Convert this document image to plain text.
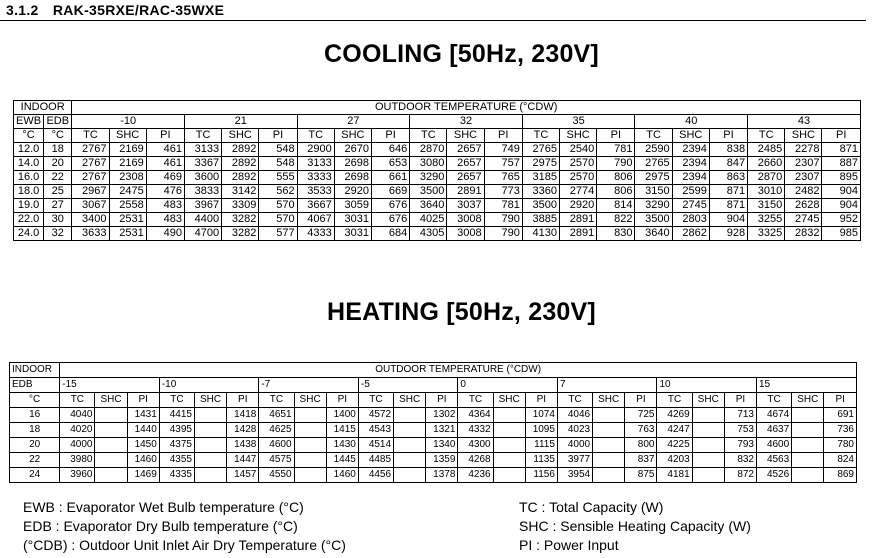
3.1.2 RAK-35RXE/RAC-35WXE
COOLING [50Hz, 230V]
INDOOR		OUTDOOR TEMPERATURE (°CDW)																				
EWB	EDB	-10			21			27			32			35			40			43		
°C	°C	TC	SHC	PI	TC	SHC	PI	TC	SHC	PI	TC	SHC	PI	TC	SHC	PI	TC	SHC	PI	TC	SHC	PI
12.0	18	2767	2169	461	3133	2892	548	2900	2670	646	2870	2657	749	2765	2540	781	2590	2394	838	2485	2278	871
14.0	20	2767	2169	461	3367	2892	548	3133	2698	653	3080	2657	757	2975	2570	790	2765	2394	847	2660	2307	887
16.0	22	2767	2308	469	3600	2892	555	3333	2698	661	3290	2657	765	3185	2570	806	2975	2394	863	2870	2307	895
18.0	25	2967	2475	476	3833	3142	562	3533	2920	669	3500	2891	773	3360	2774	806	3150	2599	871	3010	2482	904
19.0	27	3067	2558	483	3967	3309	570	3667	3059	676	3640	3037	781	3500	2920	814	3290	2745	871	3150	2628	904
22.0	30	3400	2531	483	4400	3282	570	4067	3031	676	4025	3008	790	3885	2891	822	3500	2803	904	3255	2745	952
24.0	32	3633	2531	490	4700	3282	577	4333	3031	684	4305	3008	790	4130	2891	830	3640	2862	928	3325	2832	985
HEATING [50Hz, 230V]
INDOOR	OUTDOOR TEMPERATURE (°CDW)																							
EDB	-15			-10			-7			-5			0			7			10			15		
°C	TC	SHC	PI	TC	SHC	PI	TC	SHC	PI	TC	SHC	PI	TC	SHC	PI	TC	SHC	PI	TC	SHC	PI	TC	SHC	PI
16	4040		1431	4415		1418	4651		1400	4572		1302	4364		1074	4046		725	4269		713	4674		691
18	4020		1440	4395		1428	4625		1415	4543		1321	4332		1095	4023		763	4247		753	4637		736
20	4000		1450	4375		1438	4600		1430	4514		1340	4300		1115	4000		800	4225		793	4600		780
22	3980		1460	4355		1447	4575		1445	4485		1359	4268		1135	3977		837	4203		832	4563		824
24	3960		1469	4335		1457	4550		1460	4456		1378	4236		1156	3954		875	4181		872	4526		869
EWB : Evaporator Wet Bulb temperature (°C)
EDB : Evaporator Dry Bulb temperature (°C)
(°CDB) : Outdoor Unit Inlet Air Dry Temperature (°C)
TC : Total Capacity (W)
SHC : Sensible Heating Capacity (W)
PI : Power Input
